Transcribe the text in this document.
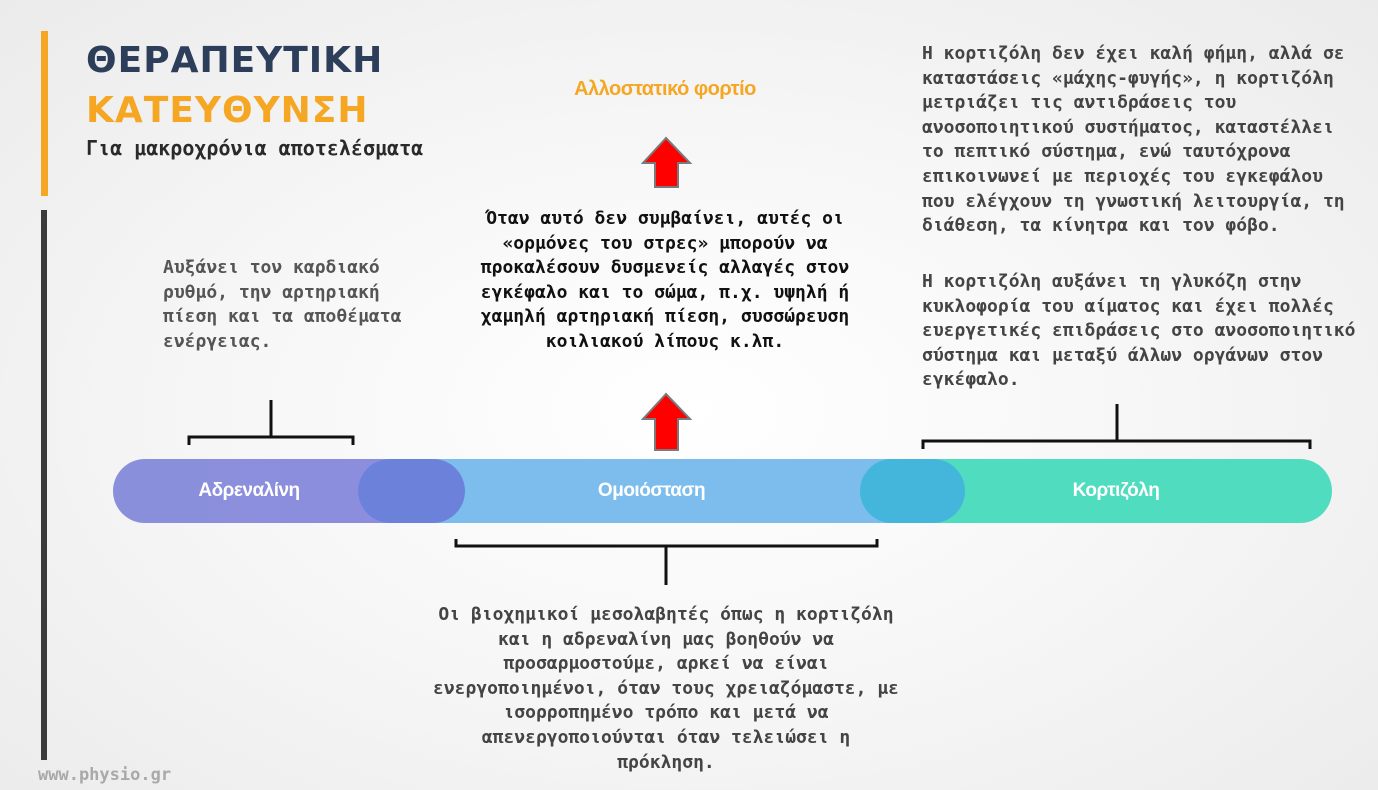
ΘΕΡΑΠΕΥΤΙΚΗ
ΚΑΤΕΥΘΥΝΣΗ
Για μακροχρόνια αποτελέσματα
Αλλοστατικό φορτίο
Όταν αυτό δεν συμβαίνει, αυτές οι «ορμόνες του στρες» μπορούν να προκαλέσουν δυσμενείς αλλαγές στον εγκέφαλο και το σώμα, π.χ. υψηλή ή χαμηλή αρτηριακή πίεση, συσσώρευση κοιλιακού λίπους κ.λπ.
Αυξάνει τον καρδιακό ρυθμό, την αρτηριακή πίεση και τα αποθέματα ενέργειας.
Η κορτιζόλη δεν έχει καλή φήμη, αλλά σε καταστάσεις «μάχης-φυγής», η κορτιζόλη μετριάζει τις αντιδράσεις του ανοσοποιητικού συστήματος, καταστέλλει το πεπτικό σύστημα, ενώ ταυτόχρονα επικοινωνεί με περιοχές του εγκεφάλου που ελέγχουν τη γνωστική λειτουργία, τη διάθεση, τα κίνητρα και τον φόβο.
Η κορτιζόλη αυξάνει τη γλυκόζη στην κυκλοφορία του αίματος και έχει πολλές ευεργετικές επιδράσεις στο ανοσοποιητικό σύστημα και μεταξύ άλλων οργάνων στον εγκέφαλο.
Αδρεναλίνη	Ομοιόσταση	Κορτιζόλη
Οι βιοχημικοί μεσολαβητές όπως η κορτιζόλη και η αδρεναλίνη μας βοηθούν να προσαρμοστούμε, αρκεί να είναι ενεργοποιημένοι, όταν τους χρειαζόμαστε, με ισορροπημένο τρόπο και μετά να απενεργοποιούνται όταν τελειώσει η πρόκληση.
www.physio.gr
